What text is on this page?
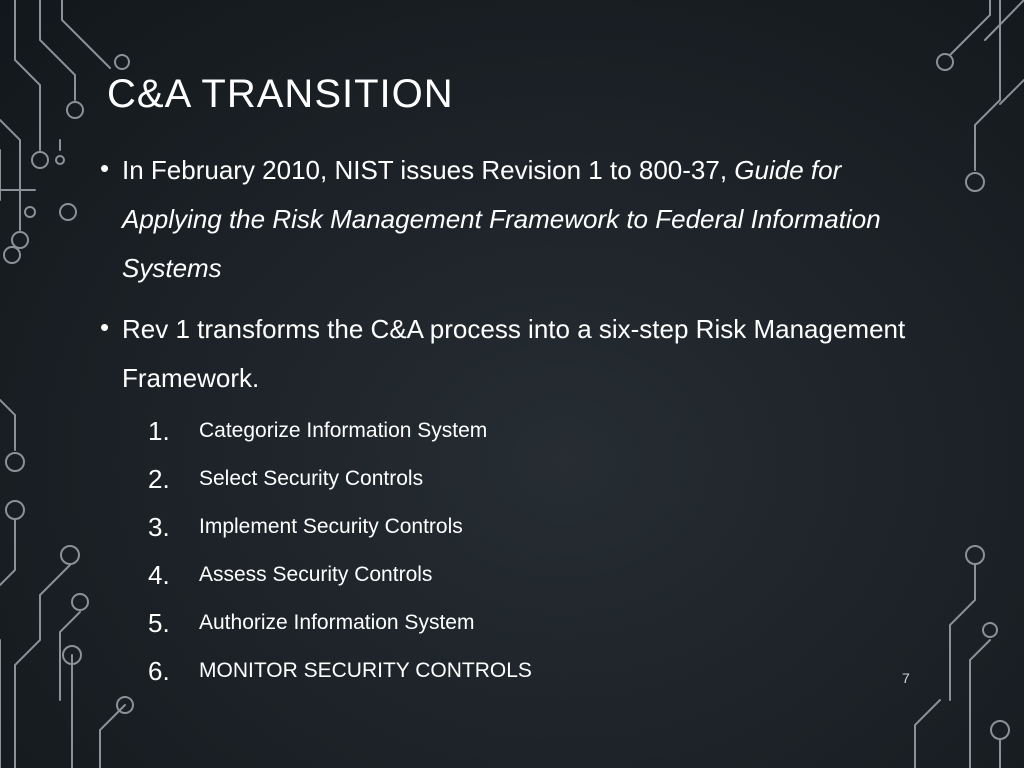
C&A TRANSITION

• In February 2010, NIST issues Revision 1 to 800-37, Guide for Applying the Risk Management Framework to Federal Information Systems

• Rev 1 transforms the C&A process into a six-step Risk Management Framework.

1.	Categorize Information System
2.	Select Security Controls
3.	Implement Security Controls
4.	Assess Security Controls
5.	Authorize Information System
6.	MONITOR SECURITY CONTROLS	7
